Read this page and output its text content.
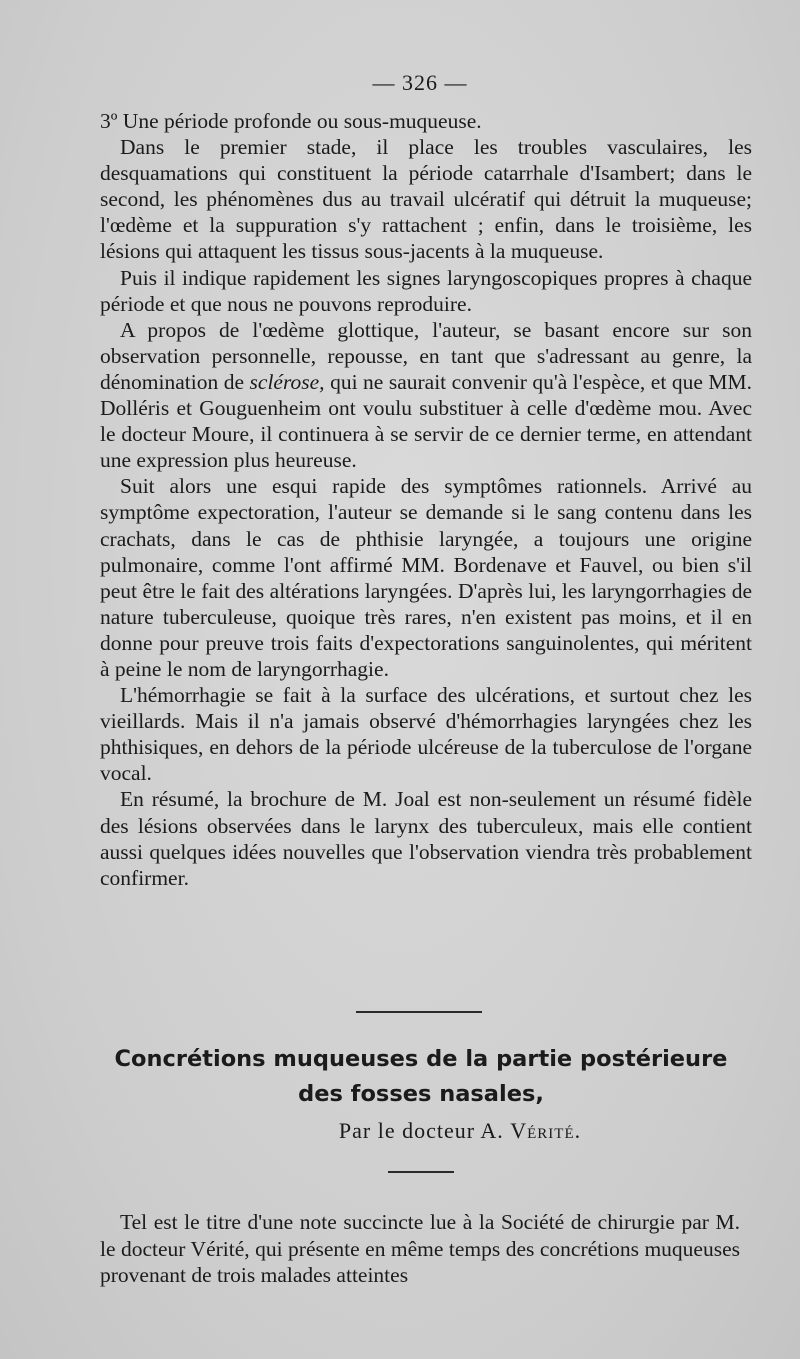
— 326 —

3º Une période profonde ou sous-muqueuse.

Dans le premier stade, il place les troubles vasculaires, les desquamations qui constituent la période catarrhale d'Isambert; dans le second, les phénomènes dus au travail ulcératif qui détruit la muqueuse; l'œdème et la suppuration s'y rattachent ; enfin, dans le troisième, les lésions qui attaquent les tissus sous-jacents à la muqueuse.

Puis il indique rapidement les signes laryngoscopiques propres à chaque période et que nous ne pouvons reproduire.

A propos de l'œdème glottique, l'auteur, se basant encore sur son observation personnelle, repousse, en tant que s'adressant au genre, la dénomination de sclérose, qui ne saurait convenir qu'à l'espèce, et que MM. Dolléris et Gouguenheim ont voulu substituer à celle d'œdème mou. Avec le docteur Moure, il continuera à se servir de ce dernier terme, en attendant une expression plus heureuse.

Suit alors une esqui rapide des symptômes rationnels. Arrivé au symptôme expectoration, l'auteur se demande si le sang contenu dans les crachats, dans le cas de phthisie laryngée, a toujours une origine pulmonaire, comme l'ont affirmé MM. Bordenave et Fauvel, ou bien s'il peut être le fait des altérations laryngées. D'après lui, les laryngorrhagies de nature tuberculeuse, quoique très rares, n'en existent pas moins, et il en donne pour preuve trois faits d'expectorations sanguinolentes, qui méritent à peine le nom de laryngorrhagie.

L'hémorrhagie se fait à la surface des ulcérations, et surtout chez les vieillards. Mais il n'a jamais observé d'hémorrhagies laryngées chez les phthisiques, en dehors de la période ulcéreuse de la tuberculose de l'organe vocal.

En résumé, la brochure de M. Joal est non-seulement un résumé fidèle des lésions observées dans le larynx des tuberculeux, mais elle contient aussi quelques idées nouvelles que l'observation viendra très probablement confirmer.

Concrétions muqueuses de la partie postérieure
des fosses nasales,
Par le docteur A. Vérité.

Tel est le titre d'une note succincte lue à la Société de chirurgie par M. le docteur Vérité, qui présente en même temps des concrétions muqueuses provenant de trois malades atteintes
